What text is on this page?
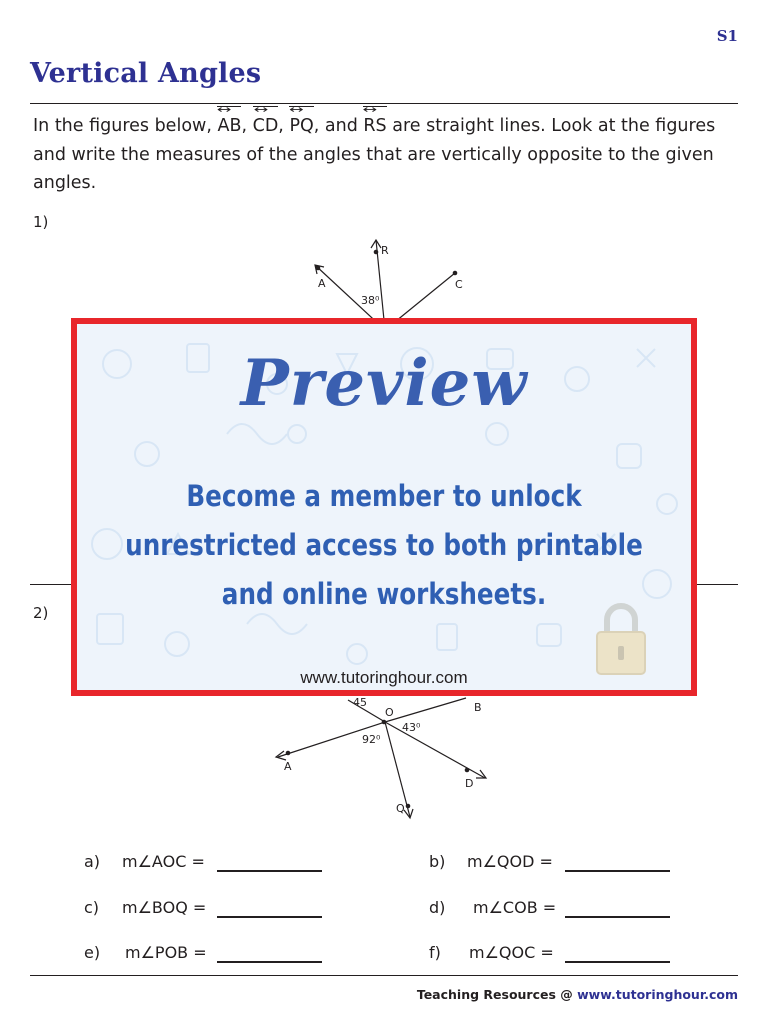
S1
Vertical Angles
In the figures below, AB ↔, CD ↔, PQ ↔, and RS ↔ are straight lines. Look at the figures and write the measures of the angles that are vertically opposite to the given angles.
1)
2)
R
A	C
38⁰
O	B
A
D
Q
43⁰
92⁰
45
a) m∠AOC =	b) m∠QOD =
c) m∠BOQ =	d) m∠COB =
e) m∠POB =	f) m∠QOC =
Teaching Resources @ www.tutoringhour.com
Preview
Become a member to unlock
unrestricted access to both printable
and online worksheets.
www.tutoringhour.com
